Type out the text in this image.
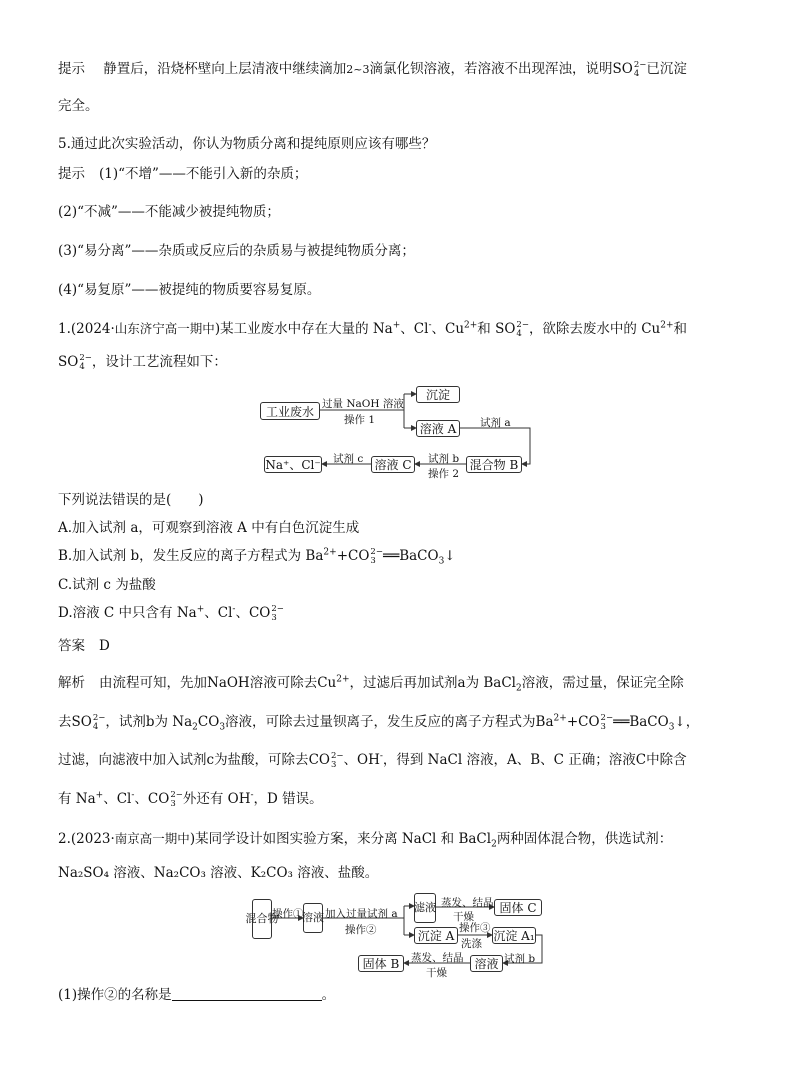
提示 静置后，沿烧杯壁向上层清液中继续滴加2~3滴氯化钡溶液，若溶液不出现浑浊，说明SO 2−
4 已沉淀
完全。
5.通过此次实验活动，你认为物质分离和提纯原则应该有哪些？
提示 (1)“不增”——不能引入新的杂质；
(2)“不减”——不能减少被提纯物质；
(3)“易分离”——杂质或反应后的杂质易与被提纯物质分离；
(4)“易复原”——被提纯的物质要容易复原。
1.(2024·山东济宁高一期中)某工业废水中存在大量的 Na+、Cl-、$Cu^{2+}$和 SO 2−
4 ，欲除去废水中的 $Cu^{2+}$和
SO 2−
4 ，设计工艺流程如下：
工业废水
沉淀
溶液 A
混合物 B
溶液 C
Na⁺、Cl⁻
过量 NaOH 溶液
操作 1	试剂 a
试剂 b
操作 2
试剂 c
下列说法错误的是(　　)
A.加入试剂 a，可观察到溶液 A 中有白色沉淀生成
B.加入试剂 b，发生反应的离子方程式为 $Ba^{2+}+CO$ 2−
3 ══BaCO$_3$↓
C.试剂 c 为盐酸
D.溶液 C 中只含有 Na+、Cl-、CO 2−
3
答案 D
解析 由流程可知，先加NaOH溶液可除去$Cu^{2+}$，过滤后再加试剂a为 BaCl$_2$溶液，需过量，保证完全除
去SO 2−
4 ，试剂b为 $Na_2CO_3$溶液，可除去过量钡离子，发生反应的离子方程式为$Ba^{2+}+CO$ 2−
3 ══BaCO$_3$↓，
过滤，向滤液中加入试剂c为盐酸，可除去CO 2−
3 、OH-，得到 NaCl 溶液，A、B、C 正确；溶液C中除含
有 Na+、Cl-、CO 2−
3 外还有 OH-，D 错误。
2.(2023·南京高一期中)某同学设计如图实验方案，来分离 NaCl 和 BaCl$_2$两种固体混合物，供选试剂：
Na₂SO₄ 溶液、Na₂CO₃ 溶液、K₂CO₃ 溶液、盐酸。
混合物
操作①
溶液 加入过量试剂 a
操作②
滤液 蒸发、结晶
干燥
固体 C
沉淀 A
操作③
洗涤
沉淀 A₁
试剂 b
溶液
蒸发、结晶
干燥
固体 B
(1)操作②的名称是	。
